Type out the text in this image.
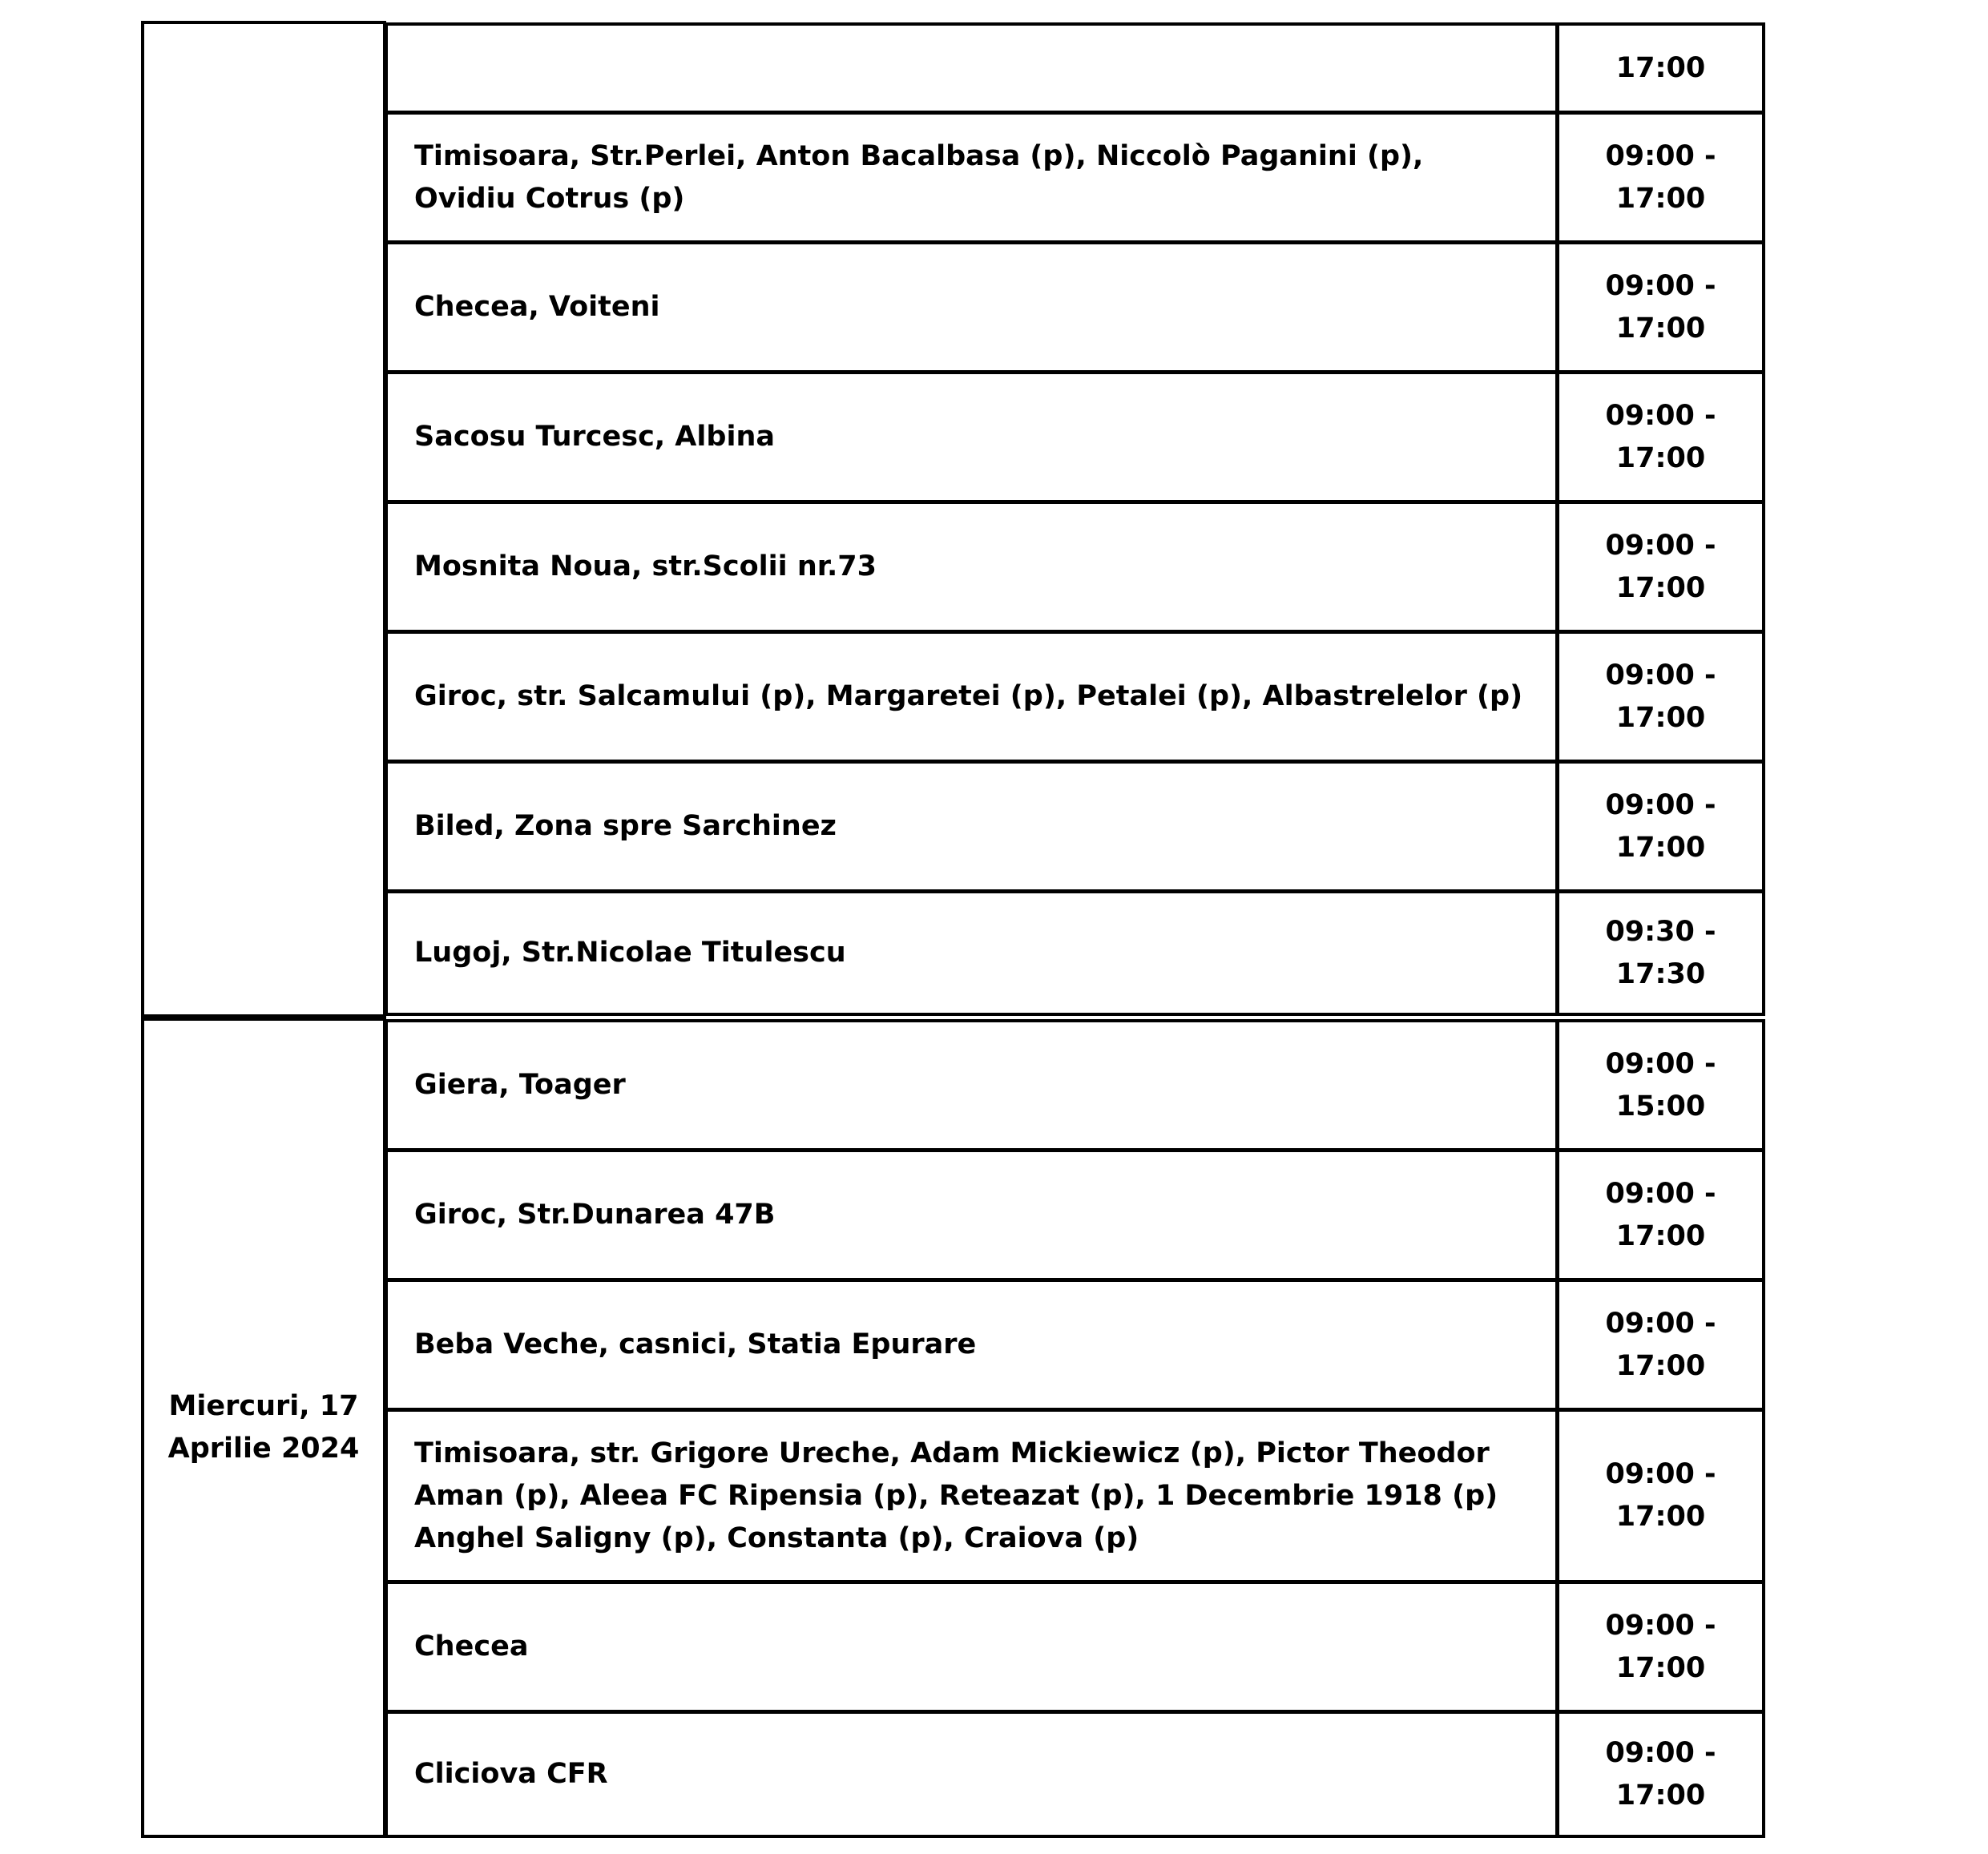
17:00
Timisoara, Str.Perlei, Anton Bacalbasa (p), Niccolò Paganini (p), Ovidiu Cotrus (p)
09:00 -
17:00
Checea, Voiteni
09:00 -
17:00
Sacosu Turcesc, Albina
09:00 -
17:00
Mosnita Noua, str.Scolii nr.73
09:00 -
17:00
Giroc, str. Salcamului (p), Margaretei (p), Petalei (p), Albastrelelor (p)
09:00 -
17:00
Biled, Zona spre Sarchinez
09:00 -
17:00
Lugoj, Str.Nicolae Titulescu
09:30 -
17:30
Miercuri, 17 Aprilie 2024
Giera, Toager
09:00 -
15:00
Giroc, Str.Dunarea 47B
09:00 -
17:00
Beba Veche, casnici, Statia Epurare
09:00 -
17:00
Timisoara, str. Grigore Ureche, Adam Mickiewicz (p), Pictor Theodor Aman (p), Aleea FC Ripensia (p), Reteazat (p), 1 Decembrie 1918 (p) Anghel Saligny (p), Constanta (p), Craiova (p)
09:00 -
17:00
Checea
09:00 -
17:00
Cliciova CFR
09:00 -
17:00
